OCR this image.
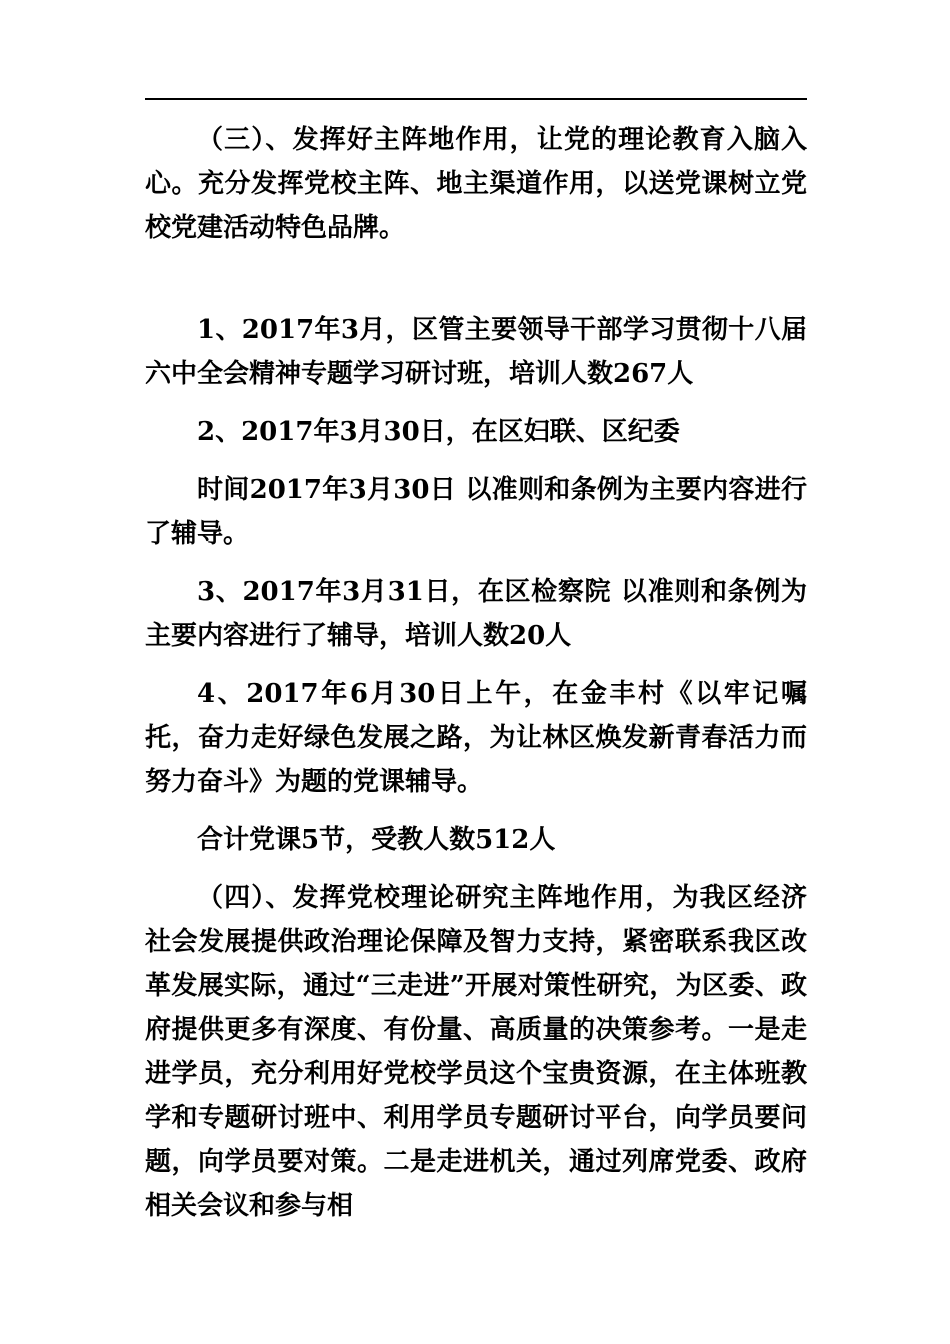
（三）、发挥好主阵地作用，让党的理论教育入脑入心。充分发挥党校主阵、地主渠道作用，以送党课树立党校党建活动特色品牌。

1、2017年3月，区管主要领导干部学习贯彻十八届六中全会精神专题学习研讨班，培训人数267人

2、2017年3月30日，在区妇联、区纪委

时间2017年3月30日 以准则和条例为主要内容进行了辅导。

3、2017年3月31日，在区检察院 以准则和条例为主要内容进行了辅导，培训人数20人

4、2017年6月30日上午，在金丰村《以牢记嘱托，奋力走好绿色发展之路，为让林区焕发新青春活力而努力奋斗》为题的党课辅导。

合计党课5节，受教人数512人

（四）、发挥党校理论研究主阵地作用，为我区经济社会发展提供政治理论保障及智力支持，紧密联系我区改革发展实际，通过“三走进”开展对策性研究，为区委、政府提供更多有深度、有份量、高质量的决策参考。一是走进学员，充分利用好党校学员这个宝贵资源，在主体班教学和专题研讨班中、利用学员专题研讨平台，向学员要问题，向学员要对策。二是走进机关，通过列席党委、政府相关会议和参与相
